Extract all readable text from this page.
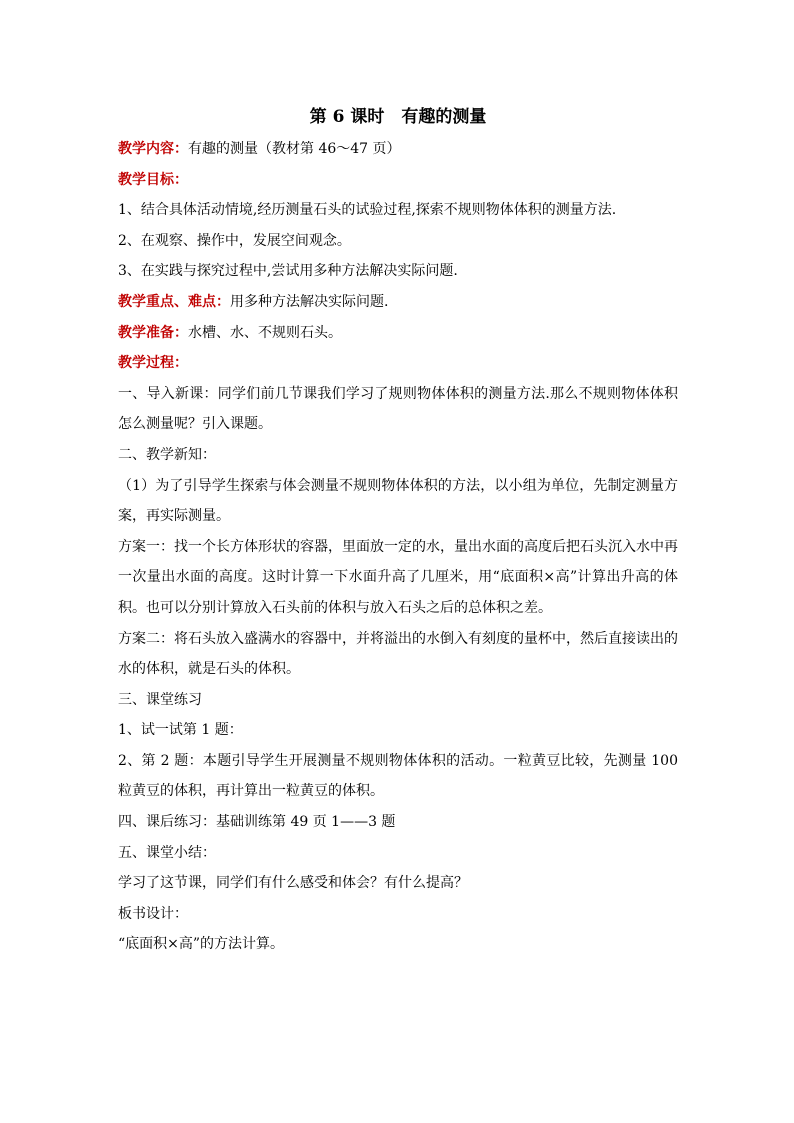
第 6 课时　有趣的测量

教学内容：有趣的测量（教材第 46～47 页）

教学目标：

1、结合具体活动情境,经历测量石头的试验过程,探索不规则物体体积的测量方法.

2、在观察、操作中，发展空间观念。

3、在实践与探究过程中,尝试用多种方法解决实际问题.

教学重点、难点：用多种方法解决实际问题.

教学准备：水槽、水、不规则石头。

教学过程：

一、导入新课：同学们前几节课我们学习了规则物体体积的测量方法.那么不规则物体体积怎么测量呢？引入课题。

二、教学新知：

（1）为了引导学生探索与体会测量不规则物体体积的方法，以小组为单位，先制定测量方案，再实际测量。

方案一：找一个长方体形状的容器，里面放一定的水，量出水面的高度后把石头沉入水中再一次量出水面的高度。这时计算一下水面升高了几厘米，用“底面积×高”计算出升高的体积。也可以分别计算放入石头前的体积与放入石头之后的总体积之差。

方案二：将石头放入盛满水的容器中，并将溢出的水倒入有刻度的量杯中，然后直接读出的水的体积，就是石头的体积。

三、课堂练习

1、试一试第 1 题：

2、第 2 题：本题引导学生开展测量不规则物体体积的活动。一粒黄豆比较，先测量 100 粒黄豆的体积，再计算出一粒黄豆的体积。

四、课后练习：基础训练第 49 页 1——3 题

五、课堂小结：

学习了这节课，同学们有什么感受和体会？有什么提高？

板书设计：

“底面积×高”的方法计算。
